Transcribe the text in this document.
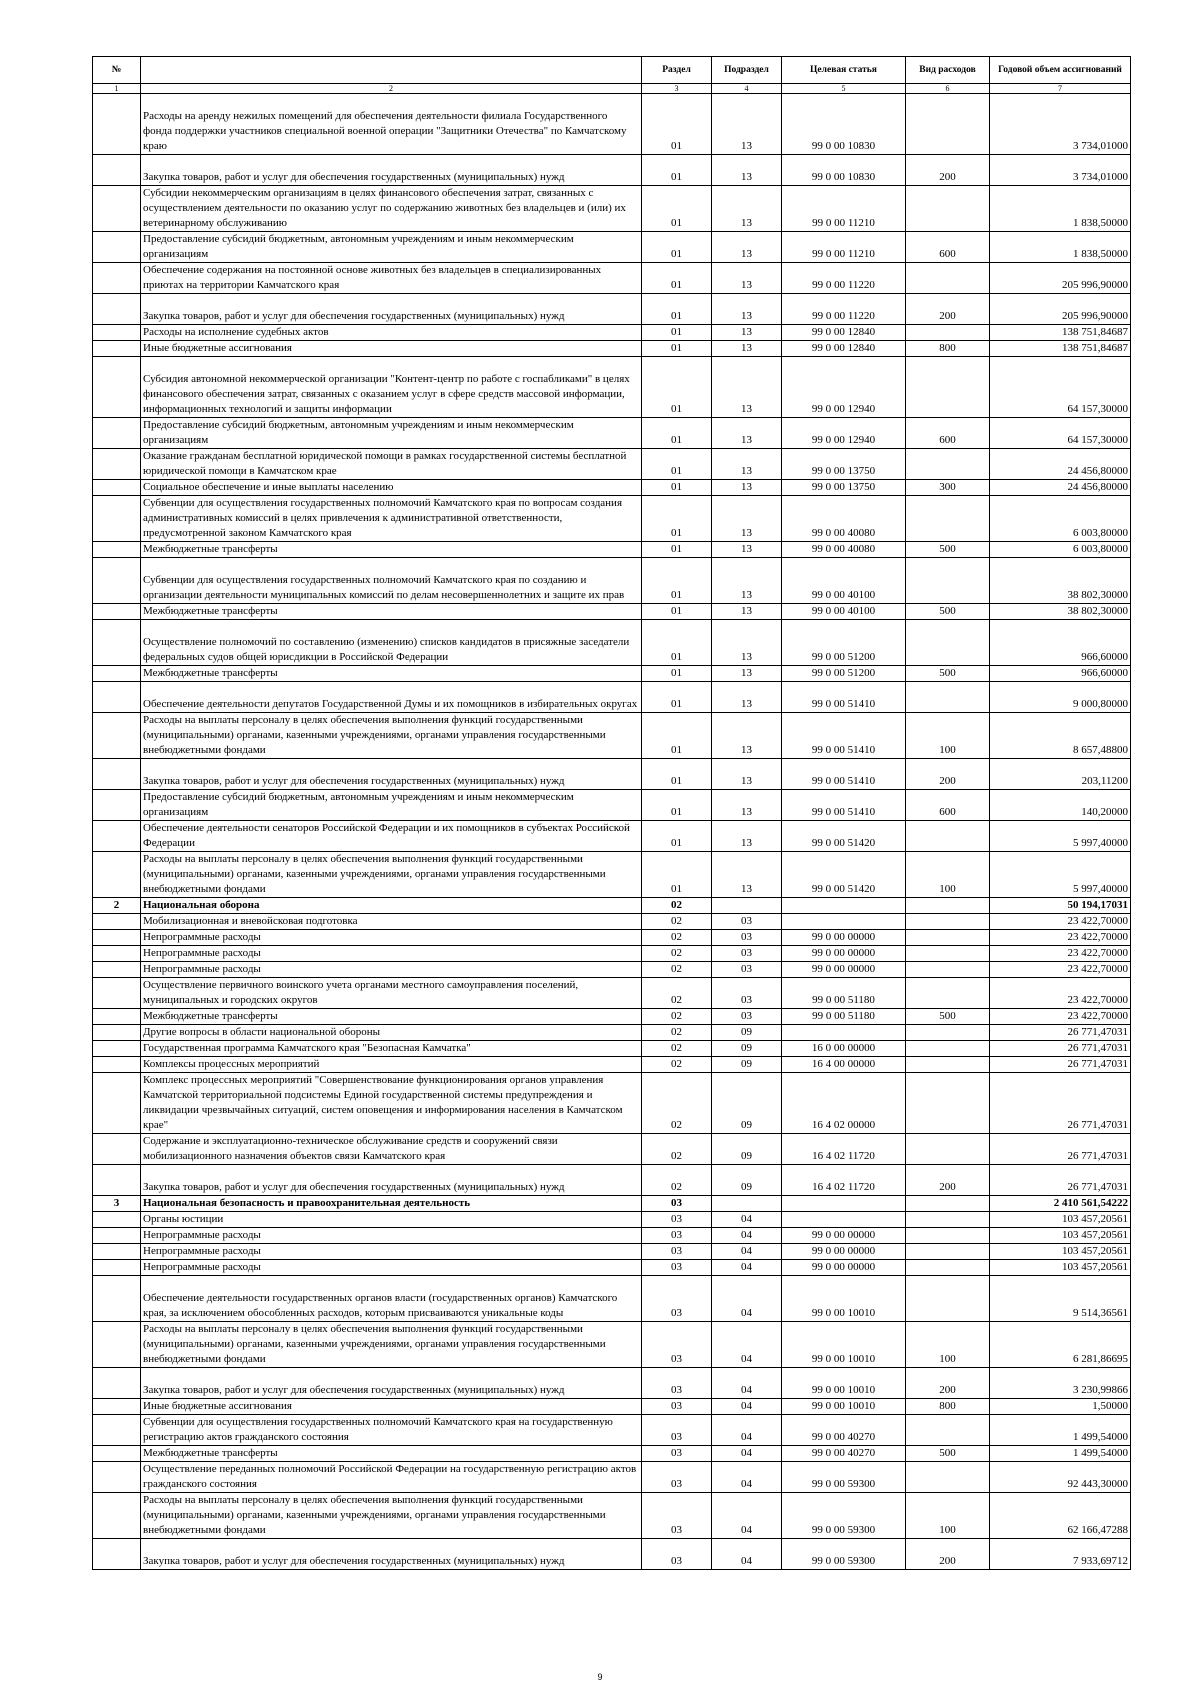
№		Раздел	Подраздел	Целевая статья	Вид расходов	Годовой объем ассигнований
1	2	3	4	5	6	7
	Расходы на аренду нежилых помещений для обеспечения деятельности филиала Государственного фонда поддержки участников специальной военной операции "Защитники Отечества" по Камчатскому краю	01	13	99 0 00 10830		3 734,01000
	Закупка товаров, работ и услуг для обеспечения государственных (муниципальных) нужд	01	13	99 0 00 10830	200	3 734,01000
	Субсидии некоммерческим организациям в целях финансового обеспечения затрат, связанных с осуществлением деятельности по оказанию услуг по содержанию животных без владельцев и (или) их ветеринарному обслуживанию	01	13	99 0 00 11210		1 838,50000
	Предоставление субсидий бюджетным, автономным учреждениям и иным некоммерческим организациям	01	13	99 0 00 11210	600	1 838,50000
	Обеспечение содержания на постоянной основе животных без владельцев в специализированных приютах на территории Камчатского края	01	13	99 0 00 11220		205 996,90000
	Закупка товаров, работ и услуг для обеспечения государственных (муниципальных) нужд	01	13	99 0 00 11220	200	205 996,90000
	Расходы на исполнение судебных актов	01	13	99 0 00 12840		138 751,84687
	Иные бюджетные ассигнования	01	13	99 0 00 12840	800	138 751,84687
	Субсидия автономной некоммерческой организации "Контент-центр по работе с госпабликами" в целях финансового обеспечения затрат, связанных с оказанием услуг в сфере средств массовой информации, информационных технологий и защиты информации	01	13	99 0 00 12940		64 157,30000
	Предоставление субсидий бюджетным, автономным учреждениям и иным некоммерческим организациям	01	13	99 0 00 12940	600	64 157,30000
	Оказание гражданам бесплатной юридической помощи в рамках государственной системы бесплатной юридической помощи в Камчатском крае	01	13	99 0 00 13750		24 456,80000
	Социальное обеспечение и иные выплаты населению	01	13	99 0 00 13750	300	24 456,80000
	Субвенции для осуществления государственных полномочий Камчатского края по вопросам создания административных комиссий в целях привлечения к административной ответственности, предусмотренной законом Камчатского края	01	13	99 0 00 40080		6 003,80000
	Межбюджетные трансферты	01	13	99 0 00 40080	500	6 003,80000
	Субвенции для осуществления государственных полномочий Камчатского края по созданию и организации деятельности муниципальных комиссий по делам несовершеннолетних и защите их прав	01	13	99 0 00 40100		38 802,30000
	Межбюджетные трансферты	01	13	99 0 00 40100	500	38 802,30000
	Осуществление полномочий по составлению (изменению) списков кандидатов в присяжные заседатели федеральных судов общей юрисдикции в Российской Федерации	01	13	99 0 00 51200		966,60000
	Межбюджетные трансферты	01	13	99 0 00 51200	500	966,60000
	Обеспечение деятельности депутатов Государственной Думы и их помощников в избирательных округах	01	13	99 0 00 51410		9 000,80000
	Расходы на выплаты персоналу в целях обеспечения выполнения функций государственными (муниципальными) органами, казенными учреждениями, органами управления государственными внебюджетными фондами	01	13	99 0 00 51410	100	8 657,48800
	Закупка товаров, работ и услуг для обеспечения государственных (муниципальных) нужд	01	13	99 0 00 51410	200	203,11200
	Предоставление субсидий бюджетным, автономным учреждениям и иным некоммерческим организациям	01	13	99 0 00 51410	600	140,20000
	Обеспечение деятельности сенаторов Российской Федерации и их помощников в субъектах Российской Федерации	01	13	99 0 00 51420		5 997,40000
	Расходы на выплаты персоналу в целях обеспечения выполнения функций государственными (муниципальными) органами, казенными учреждениями, органами управления государственными внебюджетными фондами	01	13	99 0 00 51420	100	5 997,40000
2	Национальная оборона	02				50 194,17031
	Мобилизационная и вневойсковая подготовка	02	03			23 422,70000
	Непрограммные расходы	02	03	99 0 00 00000		23 422,70000
	Непрограммные расходы	02	03	99 0 00 00000		23 422,70000
	Непрограммные расходы	02	03	99 0 00 00000		23 422,70000
	Осуществление первичного воинского учета органами местного самоуправления поселений, муниципальных и городских округов	02	03	99 0 00 51180		23 422,70000
	Межбюджетные трансферты	02	03	99 0 00 51180	500	23 422,70000
	Другие вопросы в области национальной обороны	02	09			26 771,47031
	Государственная программа Камчатского края "Безопасная Камчатка"	02	09	16 0 00 00000		26 771,47031
	Комплексы процессных мероприятий	02	09	16 4 00 00000		26 771,47031
	Комплекс процессных мероприятий "Совершенствование функционирования органов управления Камчатской территориальной подсистемы Единой государственной системы предупреждения и ликвидации чрезвычайных ситуаций, систем оповещения и информирования населения в Камчатском крае"	02	09	16 4 02 00000		26 771,47031
	Содержание и эксплуатационно-техническое обслуживание средств и сооружений связи мобилизационного назначения объектов связи Камчатского края	02	09	16 4 02 11720		26 771,47031
	Закупка товаров, работ и услуг для обеспечения государственных (муниципальных) нужд	02	09	16 4 02 11720	200	26 771,47031
3	Национальная безопасность и правоохранительная деятельность	03				2 410 561,54222
	Органы юстиции	03	04			103 457,20561
	Непрограммные расходы	03	04	99 0 00 00000		103 457,20561
	Непрограммные расходы	03	04	99 0 00 00000		103 457,20561
	Непрограммные расходы	03	04	99 0 00 00000		103 457,20561
	Обеспечение деятельности государственных органов власти (государственных органов) Камчатского края, за исключением обособленных расходов, которым присваиваются уникальные коды	03	04	99 0 00 10010		9 514,36561
	Расходы на выплаты персоналу в целях обеспечения выполнения функций государственными (муниципальными) органами, казенными учреждениями, органами управления государственными внебюджетными фондами	03	04	99 0 00 10010	100	6 281,86695
	Закупка товаров, работ и услуг для обеспечения государственных (муниципальных) нужд	03	04	99 0 00 10010	200	3 230,99866
	Иные бюджетные ассигнования	03	04	99 0 00 10010	800	1,50000
	Субвенции для осуществления государственных полномочий Камчатского края на государственную регистрацию актов гражданского состояния	03	04	99 0 00 40270		1 499,54000
	Межбюджетные трансферты	03	04	99 0 00 40270	500	1 499,54000
	Осуществление переданных полномочий Российской Федерации на государственную регистрацию актов гражданского состояния	03	04	99 0 00 59300		92 443,30000
	Расходы на выплаты персоналу в целях обеспечения выполнения функций государственными (муниципальными) органами, казенными учреждениями, органами управления государственными внебюджетными фондами	03	04	99 0 00 59300	100	62 166,47288
	Закупка товаров, работ и услуг для обеспечения государственных (муниципальных) нужд	03	04	99 0 00 59300	200	7 933,69712
9
